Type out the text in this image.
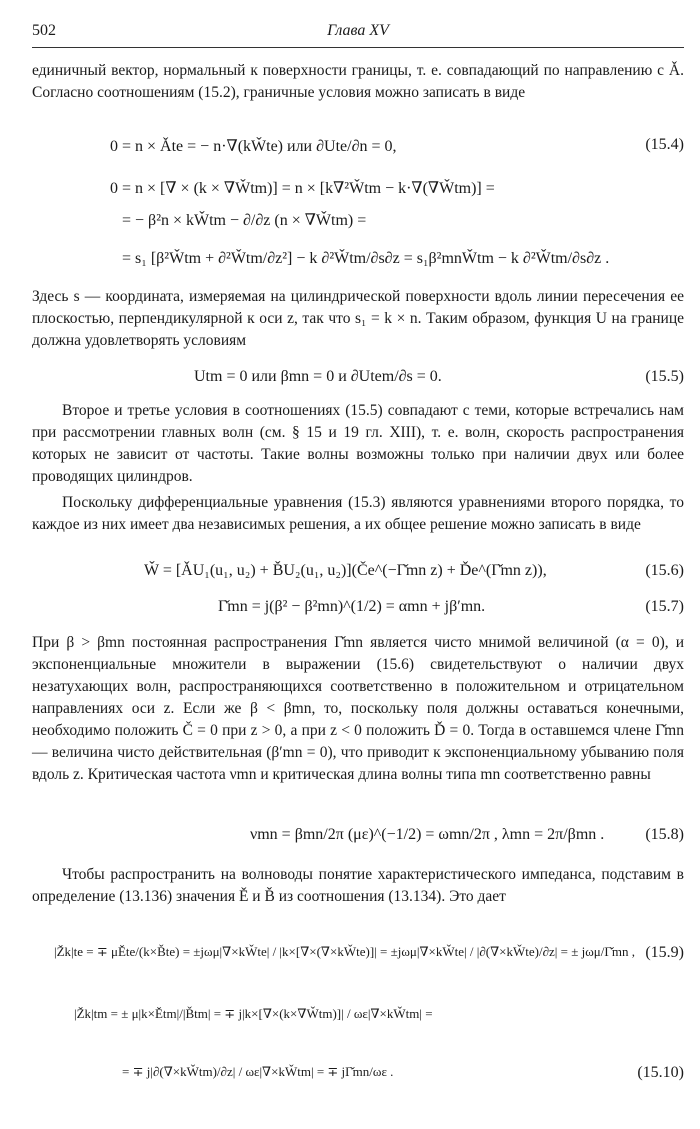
502	Глава XV

единичный вектор, нормальный к поверхности границы, т. е. совпадающий по направлению с Ǎ. Согласно соотношениям (15.2), граничные условия можно записать в виде

0 = n × Ǎte = − n·∇(kW̌te) или ∂Ute/∂n = 0,	(15.4)
0 = n × [∇ × (k × ∇W̌tm)] = n × [k∇²W̌tm − k·∇(∇W̌tm)] =
= − β²n × kW̌tm − ∂/∂z (n × ∇W̌tm) =
= s₁ [β²W̌tm + ∂²W̌tm/∂z²] − k ∂²W̌tm/∂s∂z = s₁β²mnW̌tm − k ∂²W̌tm/∂s∂z .

Здесь s — координата, измеряемая на цилиндрической поверхности вдоль линии пересечения ее плоскостью, перпендикулярной к оси z, так что s₁ = k × n. Таким образом, функция U на границе должна удовлетворять условиям

Utm = 0 или βmn = 0 и ∂Utem/∂s = 0.	(15.5)

Второе и третье условия в соотношениях (15.5) совпадают с теми, которые встречались нам при рассмотрении главных волн (см. § 15 и 19 гл. XIII), т. е. волн, скорость распространения которых не зависит от частоты. Такие волны возможны только при наличии двух или более проводящих цилиндров.

Поскольку дифференциальные уравнения (15.3) являются уравнениями второго порядка, то каждое из них имеет два независимых решения, а их общее решение можно записать в виде

W̌ = [ǍU₁(u₁, u₂) + B̌U₂(u₁, u₂)](Če^(−Γ̌mn z) + Ďe^(Γ̌mn z)),	(15.6)
Γ̌mn = j(β² − β²mn)^(1/2) = αmn + jβ′mn.	(15.7)

При β > βmn постоянная распространения Γ̌mn является чисто мнимой величиной (α = 0), и экспоненциальные множители в выражении (15.6) свидетельствуют о наличии двух незатухающих волн, распространяющихся соответственно в положительном и отрицательном направлениях оси z. Если же β < βmn, то, поскольку поля должны оставаться конечными, необходимо положить Č = 0 при z > 0, а при z < 0 положить Ď = 0. Тогда в оставшемся члене Γ̌mn — величина чисто действительная (β′mn = 0), что приводит к экспоненциальному убыванию поля вдоль z. Критическая частота νmn и критическая длина волны типа mn соответственно равны

νmn = βmn/2π (με)^(−1/2) = ωmn/2π , λmn = 2π/βmn .	(15.8)

Чтобы распространить на волноводы понятие характеристического импеданса, подставим в определение (13.136) значения Ě и B̌ из соотношения (13.134). Это дает

|Žk|te = ∓ μĚte/(k×B̌te) = ±jωμ|∇×kW̌te| / |k×[∇×(∇×kW̌te)]| = ±jωμ|∇×kW̌te| / |∂(∇×kW̌te)/∂z| = ± jωμ/Γ̌mn , (15.9)
|Žk|tm = ± μ|k×Ětm|/|B̌tm| = ∓ j|k×[∇×(k×∇W̌tm)]| / ωε|∇×kW̌tm| =
= ∓ j|∂(∇×kW̌tm)/∂z| / ωε|∇×kW̌tm| = ∓ jΓ̌mn/ωε .	(15.10)
